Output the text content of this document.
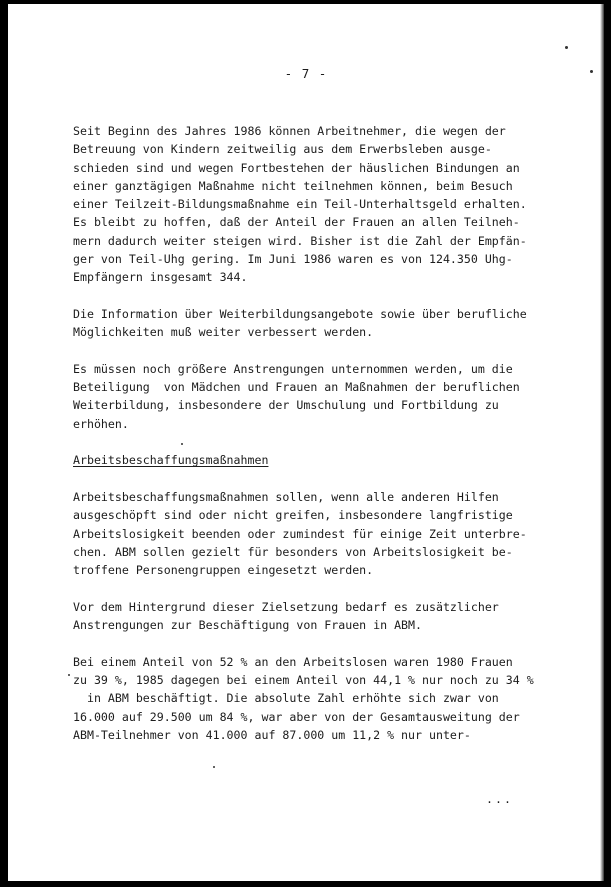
- 7 -

Seit Beginn des Jahres 1986 können Arbeitnehmer, die wegen der
Betreuung von Kindern zeitweilig aus dem Erwerbsleben ausge-
schieden sind und wegen Fortbestehen der häuslichen Bindungen an
einer ganztägigen Maßnahme nicht teilnehmen können, beim Besuch
einer Teilzeit-Bildungsmaßnahme ein Teil-Unterhaltsgeld erhalten.
Es bleibt zu hoffen, daß der Anteil der Frauen an allen Teilneh-
mern dadurch weiter steigen wird. Bisher ist die Zahl der Empfän-
ger von Teil-Uhg gering. Im Juni 1986 waren es von 124.350 Uhg-
Empfängern insgesamt 344.

Die Information über Weiterbildungsangebote sowie über berufliche
Möglichkeiten muß weiter verbessert werden.

Es müssen noch größere Anstrengungen unternommen werden, um die
Beteiligung  von Mädchen und Frauen an Maßnahmen der beruflichen
Weiterbildung, insbesondere der Umschulung und Fortbildung zu
erhöhen.

Arbeitsbeschaffungsmaßnahmen

Arbeitsbeschaffungsmaßnahmen sollen, wenn alle anderen Hilfen
ausgeschöpft sind oder nicht greifen, insbesondere langfristige
Arbeitslosigkeit beenden oder zumindest für einige Zeit unterbre-
chen. ABM sollen gezielt für besonders von Arbeitslosigkeit be-
troffene Personengruppen eingesetzt werden.

Vor dem Hintergrund dieser Zielsetzung bedarf es zusätzlicher
Anstrengungen zur Beschäftigung von Frauen in ABM.

Bei einem Anteil von 52 % an den Arbeitslosen waren 1980 Frauen
zu 39 %, 1985 dagegen bei einem Anteil von 44,1 % nur noch zu 34 %
in ABM beschäftigt. Die absolute Zahl erhöhte sich zwar von
16.000 auf 29.500 um 84 %, war aber von der Gesamtausweitung der
ABM-Teilnehmer von 41.000 auf 87.000 um 11,2 % nur unter-

...
